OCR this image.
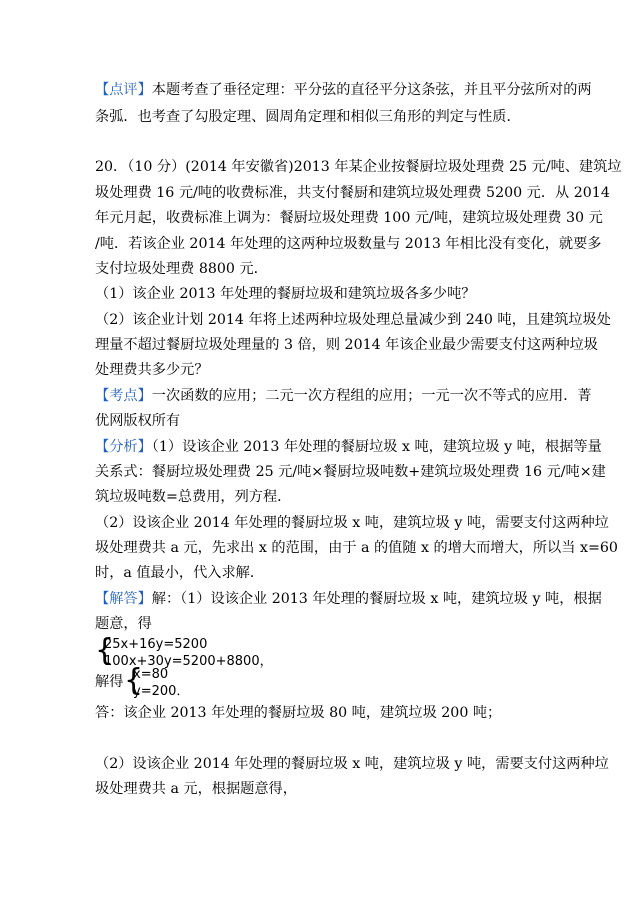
【点评】本题考查了垂径定理：平分弦的直径平分这条弦，并且平分弦所对的两
条弧．也考查了勾股定理、圆周角定理和相似三角形的判定与性质．
20．（10 分）(2014 年安徽省)2013 年某企业按餐厨垃圾处理费 25 元/吨、建筑垃
圾处理费 16 元/吨的收费标准，共支付餐厨和建筑垃圾处理费 5200 元．从 2014
年元月起，收费标准上调为：餐厨垃圾处理费 100 元/吨，建筑垃圾处理费 30 元
/吨．若该企业 2014 年处理的这两种垃圾数量与 2013 年相比没有变化，就要多
支付垃圾处理费 8800 元．
（1）该企业 2013 年处理的餐厨垃圾和建筑垃圾各多少吨？
（2）该企业计划 2014 年将上述两种垃圾处理总量减少到 240 吨，且建筑垃圾处
理量不超过餐厨垃圾处理量的 3 倍，则 2014 年该企业最少需要支付这两种垃圾
处理费共多少元？
【考点】一次函数的应用；二元一次方程组的应用；一元一次不等式的应用．菁
优网版权所有
【分析】（1）设该企业 2013 年处理的餐厨垃圾 x 吨，建筑垃圾 y 吨，根据等量
关系式：餐厨垃圾处理费 25 元/吨×餐厨垃圾吨数+建筑垃圾处理费 16 元/吨×建
筑垃圾吨数=总费用，列方程．
（2）设该企业 2014 年处理的餐厨垃圾 x 吨，建筑垃圾 y 吨，需要支付这两种垃
圾处理费共 a 元，先求出 x 的范围，由于 a 的值随 x 的增大而增大，所以当 x=60
时，a 值最小，代入求解．
【解答】解：（1）设该企业 2013 年处理的餐厨垃圾 x 吨，建筑垃圾 y 吨，根据
题意，得
{
25x+16y=5200
100x+30y=5200+8800，
解得 {
x=80
y=200．
答：该企业 2013 年处理的餐厨垃圾 80 吨，建筑垃圾 200 吨；
（2）设该企业 2014 年处理的餐厨垃圾 x 吨，建筑垃圾 y 吨，需要支付这两种垃
圾处理费共 a 元，根据题意得，
